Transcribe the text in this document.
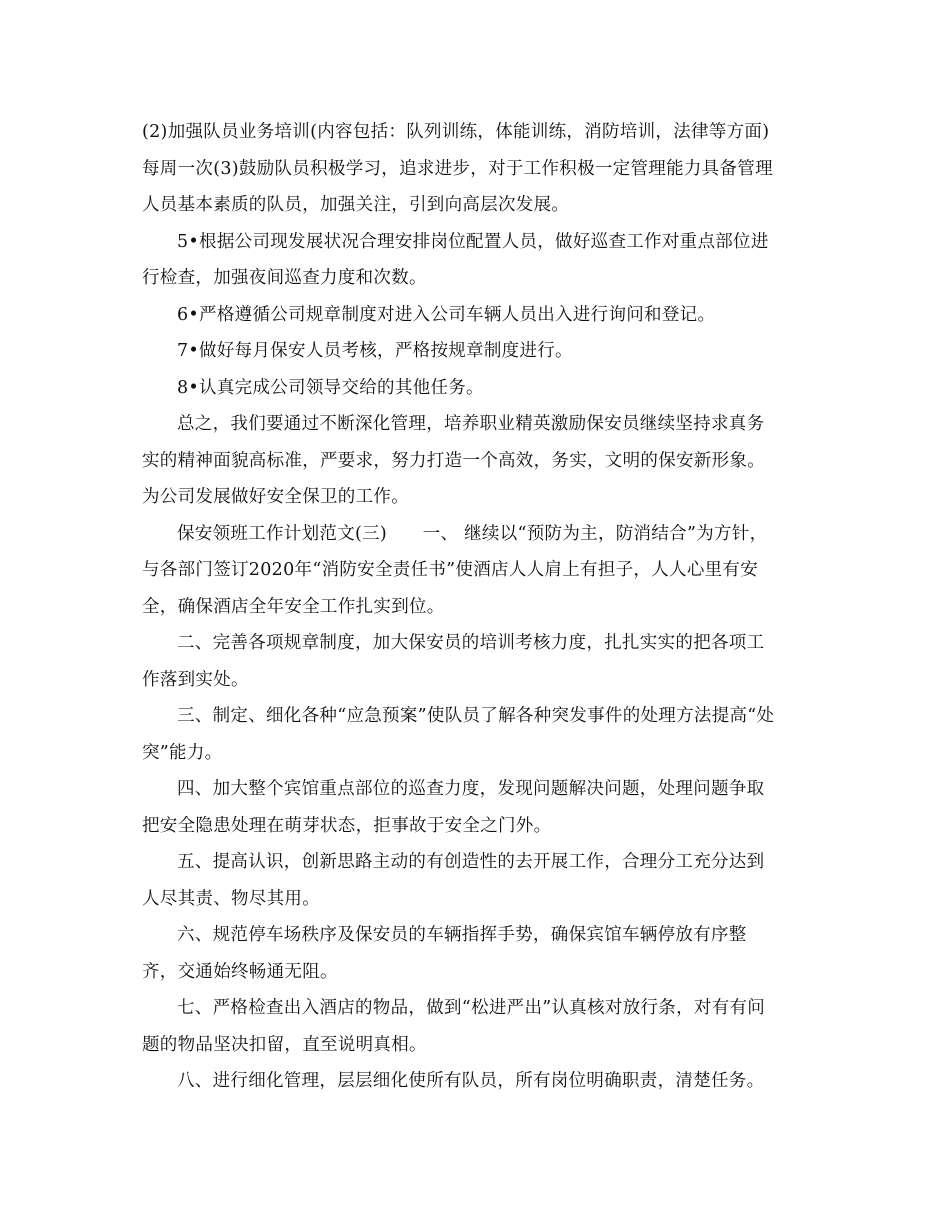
(2)加强队员业务培训(内容包括：队列训练，体能训练，消防培训，法律等方面)
每周一次(3)鼓励队员积极学习，追求进步，对于工作积极一定管理能力具备管理
人员基本素质的队员，加强关注，引到向高层次发展。

5•根据公司现发展状况合理安排岗位配置人员，做好巡查工作对重点部位进
行检查，加强夜间巡查力度和次数。

6•严格遵循公司规章制度对进入公司车辆人员出入进行询问和登记。

7•做好每月保安人员考核，严格按规章制度进行。

8•认真完成公司领导交给的其他任务。

总之，我们要通过不断深化管理，培养职业精英激励保安员继续坚持求真务
实的精神面貌高标准，严要求，努力打造一个高效，务实，文明的保安新形象。
为公司发展做好安全保卫的工作。

保安领班工作计划范文(三)　　一、 继续以“预防为主，防消结合”为方针，
与各部门签订2020年“消防安全责任书”使酒店人人肩上有担子，人人心里有安
全，确保酒店全年安全工作扎实到位。

二、完善各项规章制度，加大保安员的培训考核力度，扎扎实实的把各项工
作落到实处。

三、制定、细化各种“应急预案”使队员了解各种突发事件的处理方法提高“处
突”能力。

四、加大整个宾馆重点部位的巡查力度，发现问题解决问题，处理问题争取
把安全隐患处理在萌芽状态，拒事故于安全之门外。

五、提高认识，创新思路主动的有创造性的去开展工作，合理分工充分达到
人尽其责、物尽其用。

六、规范停车场秩序及保安员的车辆指挥手势，确保宾馆车辆停放有序整
齐，交通始终畅通无阻。

七、严格检查出入酒店的物品，做到“松进严出”认真核对放行条，对有有问
题的物品坚决扣留，直至说明真相。

八、进行细化管理，层层细化使所有队员，所有岗位明确职责，清楚任务。
